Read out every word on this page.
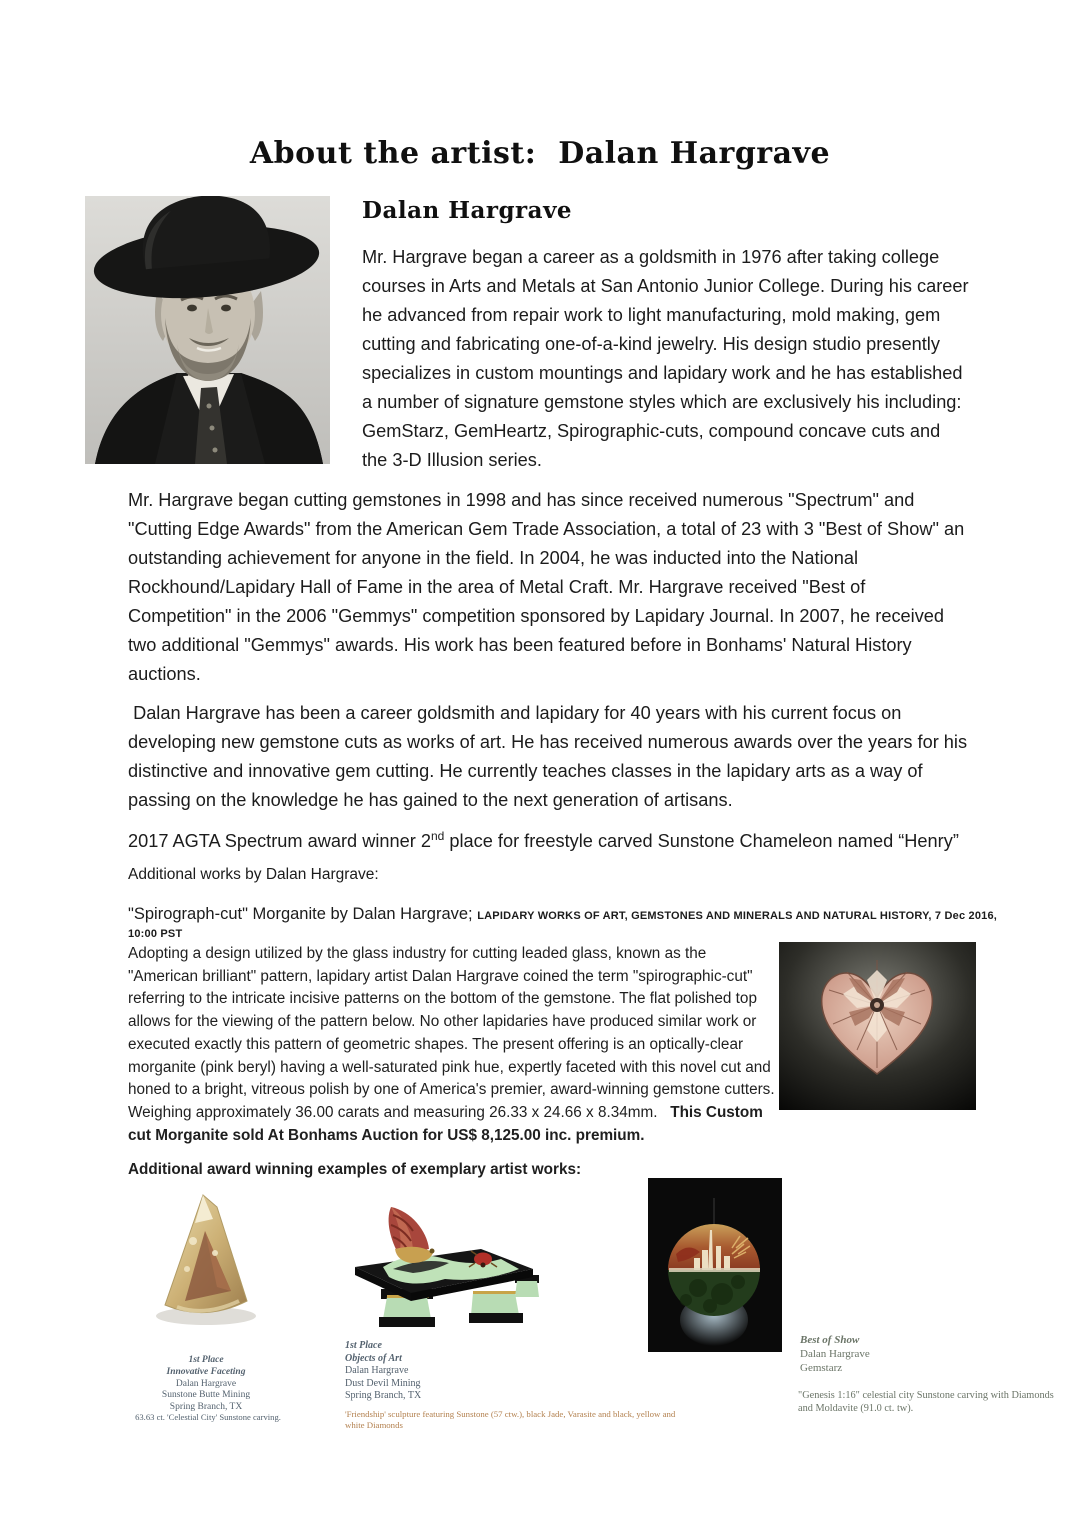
About the artist:  Dalan Hargrave
Dalan Hargrave
Mr. Hargrave began a career as a goldsmith in 1976 after taking college courses in Arts and Metals at San Antonio Junior College. During his career he advanced from repair work to light manufacturing, mold making, gem cutting and fabricating one-of-a-kind jewelry. His design studio presently specializes in custom mountings and lapidary work and he has established a number of signature gemstone styles which are exclusively his including: GemStarz, GemHeartz, Spirographic-cuts, compound concave cuts and the 3-D Illusion series.
Mr. Hargrave began cutting gemstones in 1998 and has since received numerous "Spectrum" and "Cutting Edge Awards" from the American Gem Trade Association, a total of 23 with 3 "Best of Show" an outstanding achievement for anyone in the field. In 2004, he was inducted into the National Rockhound/Lapidary Hall of Fame in the area of Metal Craft. Mr. Hargrave received "Best of Competition" in the 2006 "Gemmys" competition sponsored by Lapidary Journal. In 2007, he received two additional "Gemmys" awards. His work has been featured before in Bonhams' Natural History auctions.
Dalan Hargrave has been a career goldsmith and lapidary for 40 years with his current focus on developing new gemstone cuts as works of art. He has received numerous awards over the years for his distinctive and innovative gem cutting. He currently teaches classes in the lapidary arts as a way of passing on the knowledge he has gained to the next generation of artisans.
2017 AGTA Spectrum award winner 2nd place for freestyle carved Sunstone Chameleon named “Henry”
Additional works by Dalan Hargrave:
"Spirograph-cut" Morganite by Dalan Hargrave; LAPIDARY WORKS OF ART, GEMSTONES AND MINERALS AND NATURAL HISTORY, 7 Dec 2016, 10:00 PST
Adopting a design utilized by the glass industry for cutting leaded glass, known as the "American brilliant" pattern, lapidary artist Dalan Hargrave coined the term "spirographic-cut" referring to the intricate incisive patterns on the bottom of the gemstone. The flat polished top allows for the viewing of the pattern below. No other lapidaries have produced similar work or executed exactly this pattern of geometric shapes. The present offering is an optically-clear morganite (pink beryl) having a well-saturated pink hue, expertly faceted with this novel cut and honed to a bright, vitreous polish by one of America's premier, award-winning gemstone cutters. Weighing approximately 36.00 carats and measuring 26.33 x 24.66 x 8.34mm.   This Custom cut Morganite sold At Bonhams Auction for US$ 8,125.00 inc. premium.
Additional award winning examples of exemplary artist works:
1st Place
Innovative Faceting
Dalan Hargrave
Sunstone Butte Mining
Spring Branch, TX
63.63 ct. 'Celestial City' Sunstone carving.
1st Place
Objects of Art
Dalan Hargrave
Dust Devil Mining
Spring Branch, TX
'Friendship' sculpture featuring Sunstone (57 ctw.), black Jade, Varasite and black, yellow and white Diamonds
Best of Show
Dalan Hargrave
Gemstarz
"Genesis 1:16" celestial city Sunstone carving with Diamonds and Moldavite (91.0 ct. tw).
